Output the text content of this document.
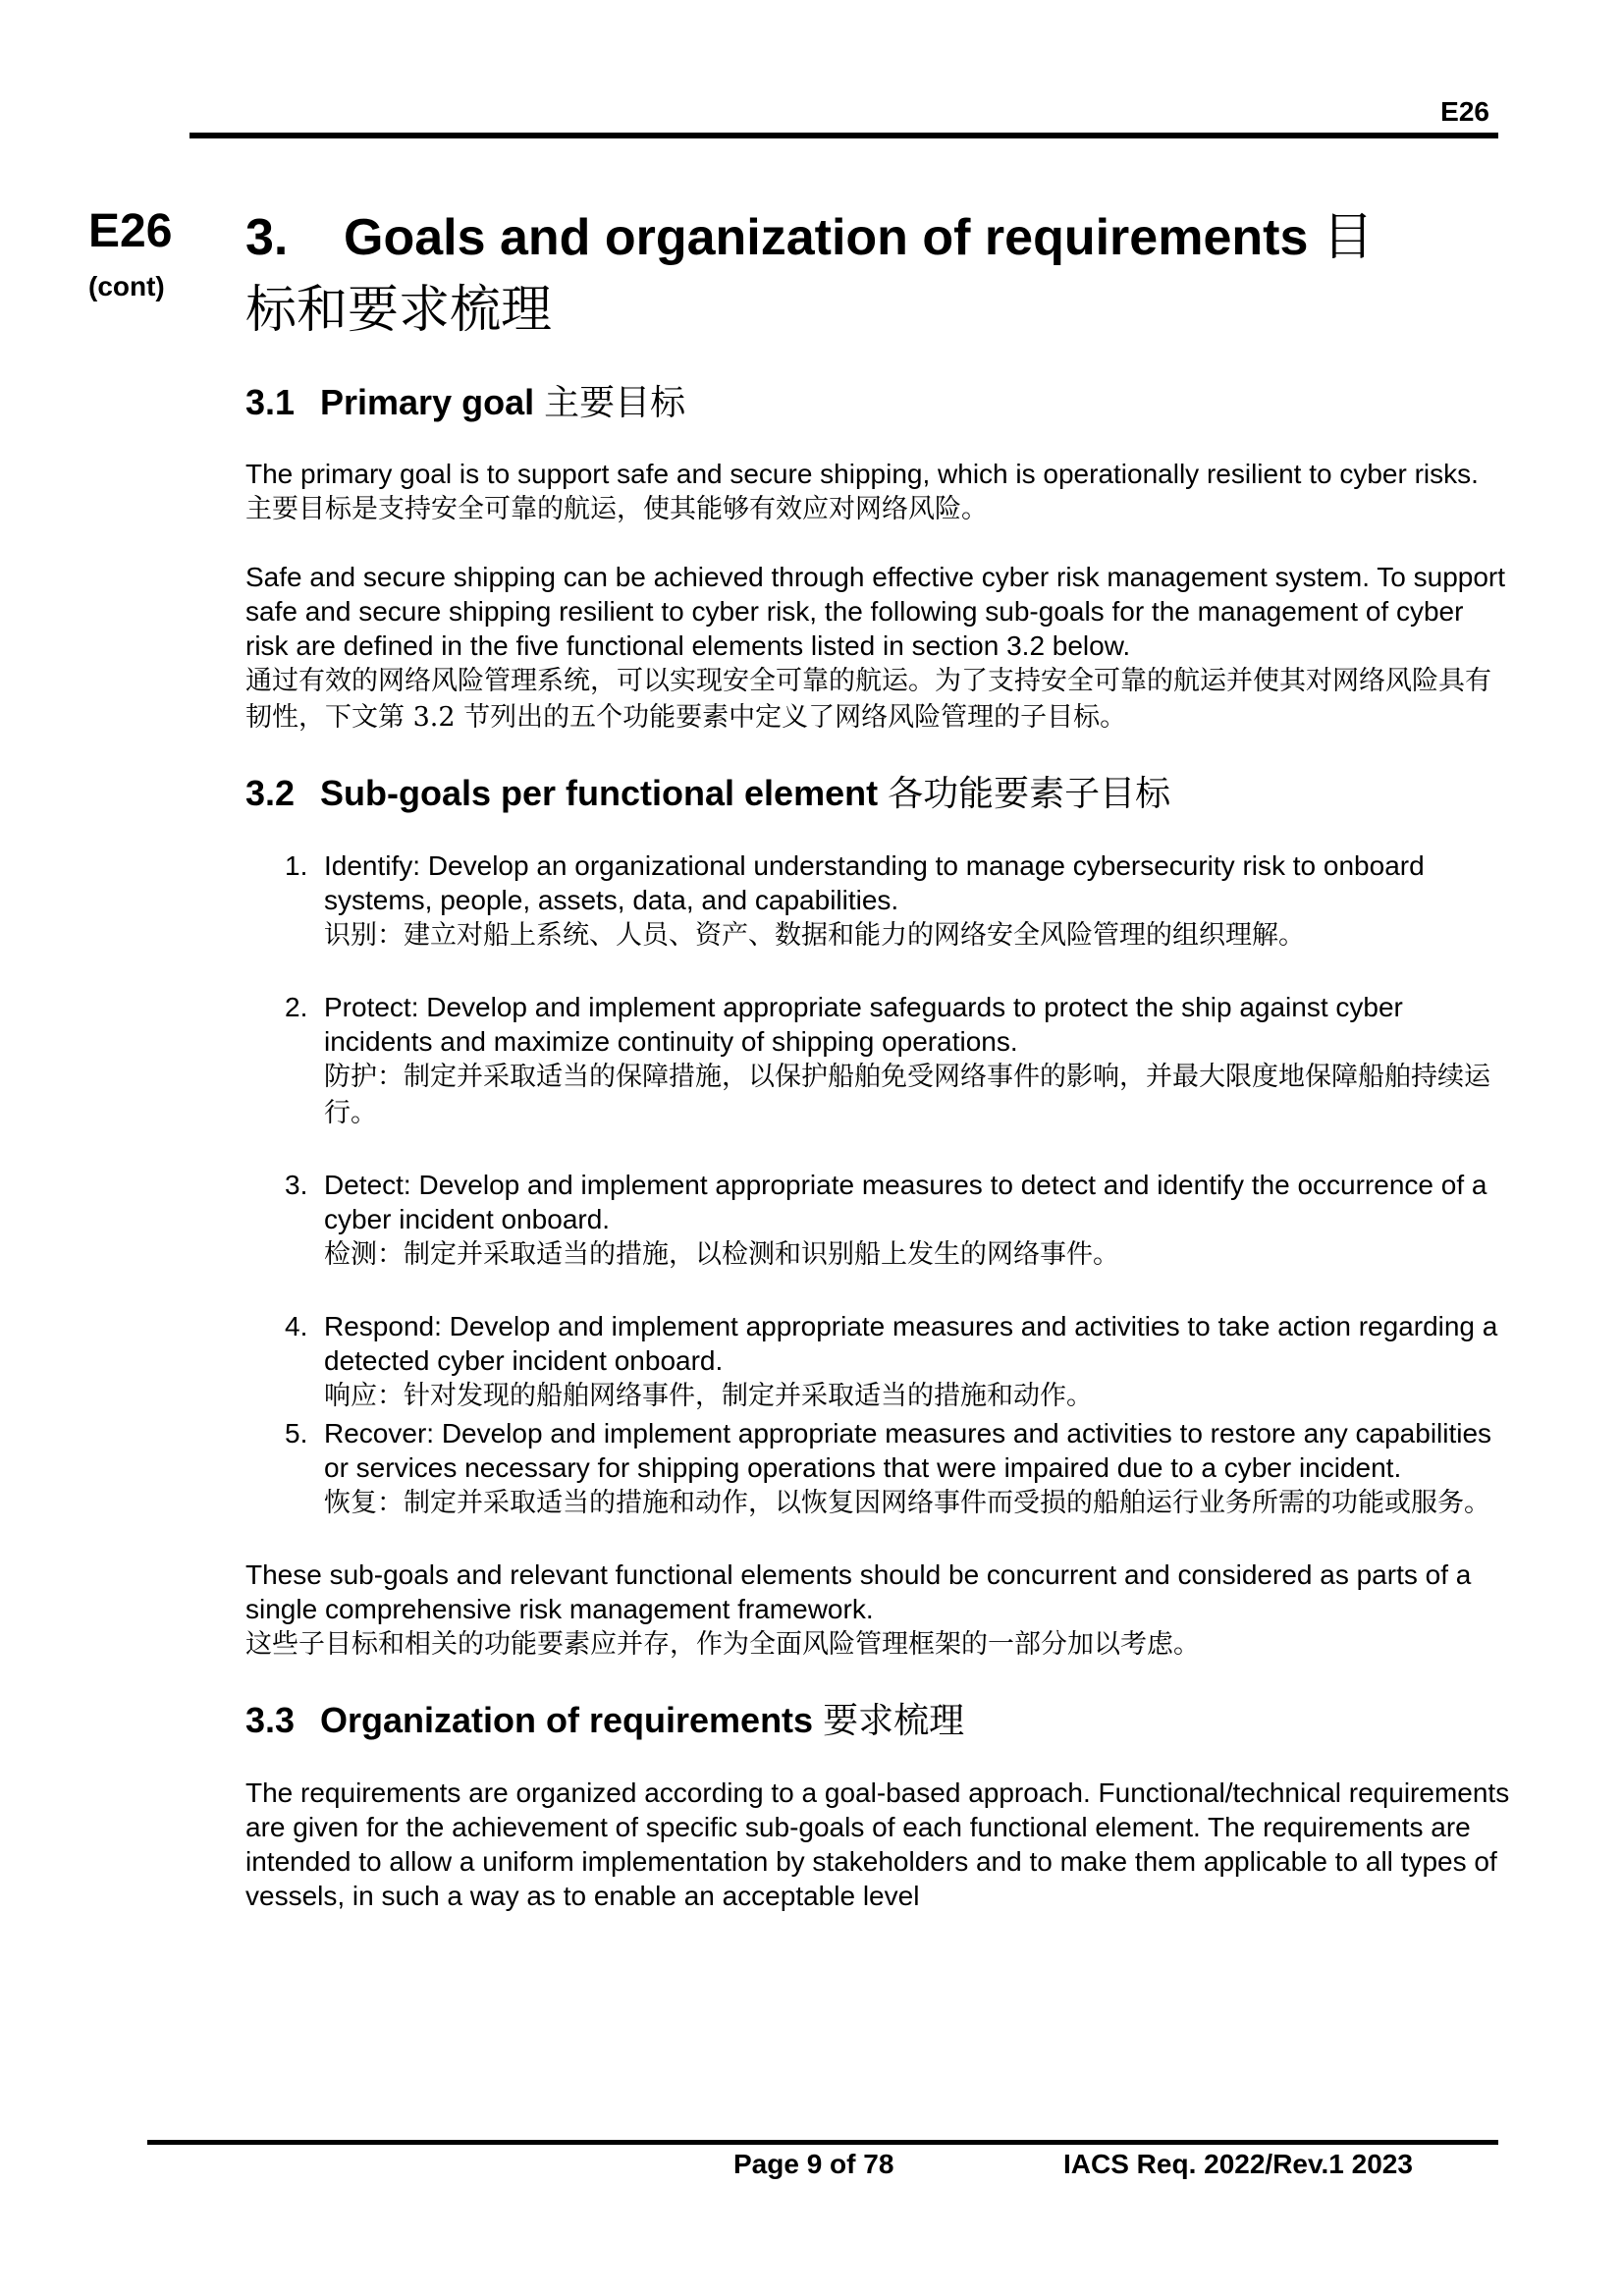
E26
E26
(cont)
3. Goals and organization of requirements 目
标和要求梳理
3.1 Primary goal 主要目标

The primary goal is to support safe and secure shipping, which is operationally resilient to cyber risks.

主要目标是支持安全可靠的航运，使其能够有效应对网络风险。

Safe and secure shipping can be achieved through effective cyber risk management system. To support safe and secure shipping resilient to cyber risk, the following sub-goals for the management of cyber risk are defined in the five functional elements listed in section 3.2 below.

通过有效的网络风险管理系统，可以实现安全可靠的航运。为了支持安全可靠的航运并使其对网络风险具有韧性，下文第 3.2 节列出的五个功能要素中定义了网络风险管理的子目标。

3.2 Sub-goals per functional element 各功能要素子目标
1. Identify: Develop an organizational understanding to manage cybersecurity risk to onboard systems, people, assets, data, and capabilities.

识别：建立对船上系统、人员、资产、数据和能力的网络安全风险管理的组织理解。

2. Protect: Develop and implement appropriate safeguards to protect the ship against cyber incidents and maximize continuity of shipping operations.

防护：制定并采取适当的保障措施，以保护船舶免受网络事件的影响，并最大限度地保障船舶持续运行。

3. Detect: Develop and implement appropriate measures to detect and identify the occurrence of a cyber incident onboard.

检测：制定并采取适当的措施，以检测和识别船上发生的网络事件。

4. Respond: Develop and implement appropriate measures and activities to take action regarding a detected cyber incident onboard.

响应：针对发现的船舶网络事件，制定并采取适当的措施和动作。

5. Recover: Develop and implement appropriate measures and activities to restore any capabilities or services necessary for shipping operations that were impaired due to a cyber incident.

恢复：制定并采取适当的措施和动作，以恢复因网络事件而受损的船舶运行业务所需的功能或服务。

These sub-goals and relevant functional elements should be concurrent and considered as parts of a single comprehensive risk management framework.

这些子目标和相关的功能要素应并存，作为全面风险管理框架的一部分加以考虑。

3.3 Organization of requirements 要求梳理

The requirements are organized according to a goal-based approach. Functional/technical requirements are given for the achievement of specific sub-goals of each functional element. The requirements are intended to allow a uniform implementation by stakeholders and to make them applicable to all types of vessels, in such a way as to enable an acceptable level

Page 9 of 78	IACS Req. 2022/Rev.1 2023
